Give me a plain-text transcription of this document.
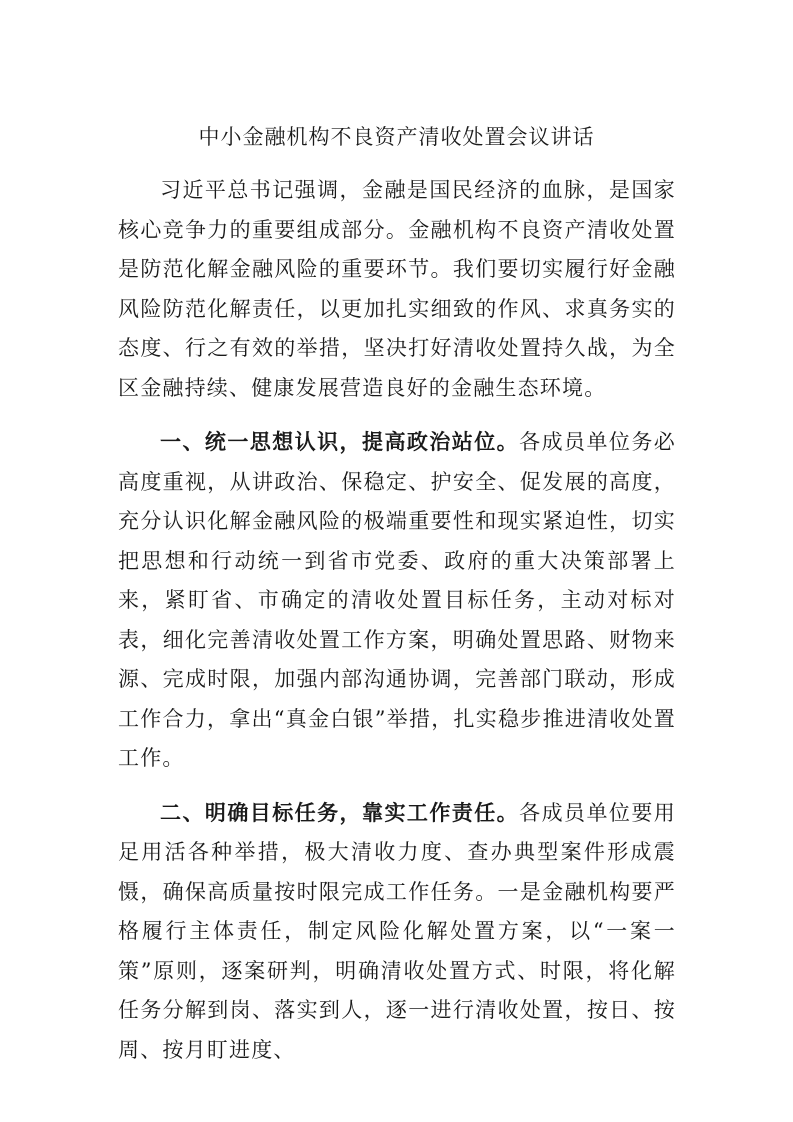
中小金融机构不良资产清收处置会议讲话

习近平总书记强调，金融是国民经济的血脉，是国家核心竞争力的重要组成部分。金融机构不良资产清收处置是防范化解金融风险的重要环节。我们要切实履行好金融风险防范化解责任，以更加扎实细致的作风、求真务实的态度、行之有效的举措，坚决打好清收处置持久战，为全区金融持续、健康发展营造良好的金融生态环境。

一、统一思想认识，提高政治站位。各成员单位务必高度重视，从讲政治、保稳定、护安全、促发展的高度，充分认识化解金融风险的极端重要性和现实紧迫性，切实把思想和行动统一到省市党委、政府的重大决策部署上来，紧盯省、市确定的清收处置目标任务，主动对标对表，细化完善清收处置工作方案，明确处置思路、财物来源、完成时限，加强内部沟通协调，完善部门联动，形成工作合力，拿出“真金白银”举措，扎实稳步推进清收处置工作。

二、明确目标任务，靠实工作责任。各成员单位要用足用活各种举措，极大清收力度、查办典型案件形成震慑，确保高质量按时限完成工作任务。一是金融机构要严格履行主体责任，制定风险化解处置方案，以“一案一策”原则，逐案研判，明确清收处置方式、时限，将化解任务分解到岗、落实到人，逐一进行清收处置，按日、按周、按月盯进度、
